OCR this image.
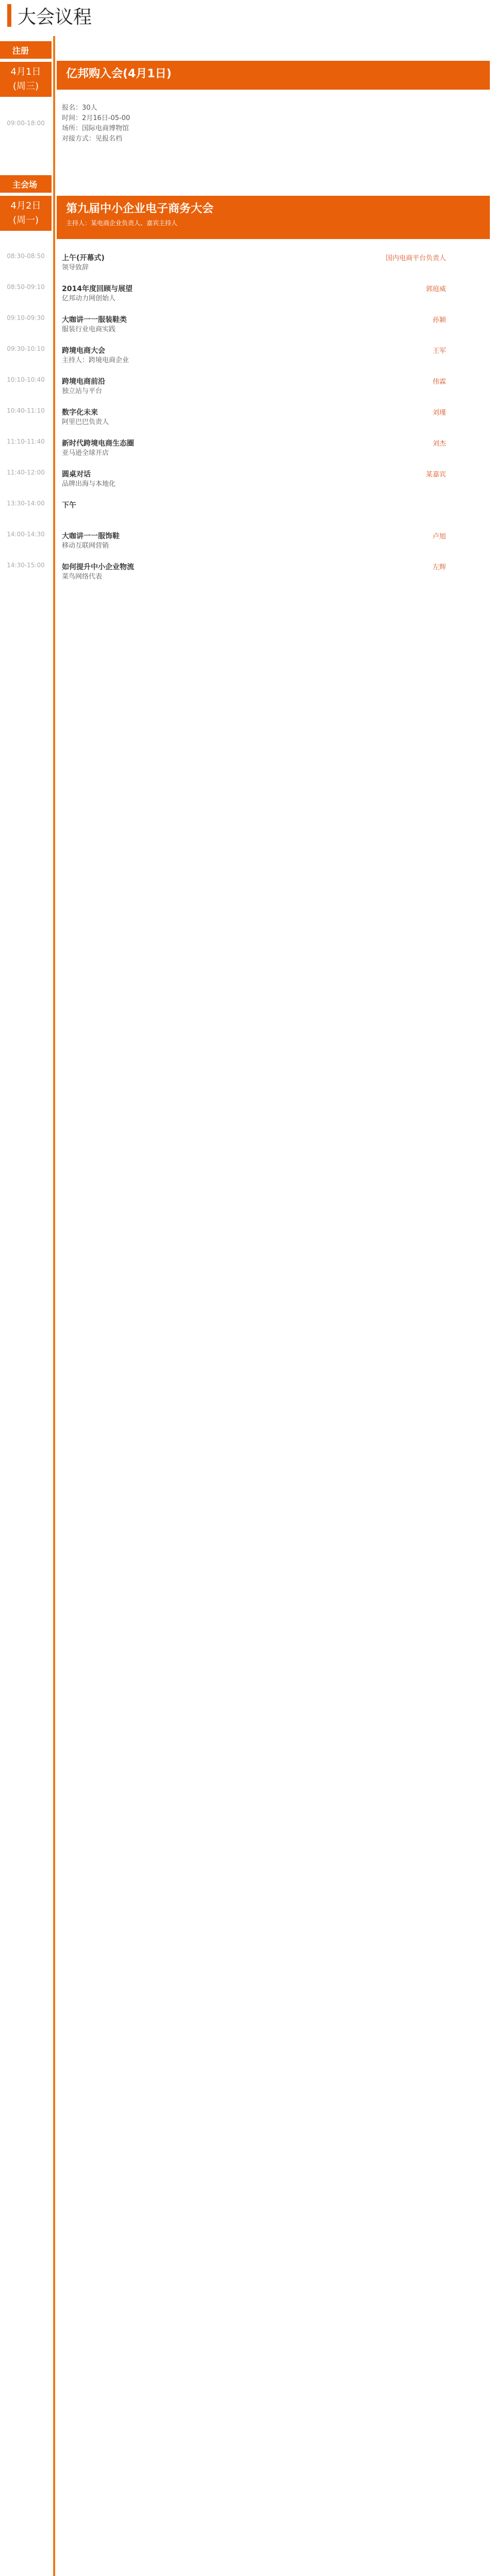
大会议程
注册
4月1日
(周三)
亿邦购入会(4月1日)
09:00-18:00
报名：30人
时间：2月16日-05-00
场所：国际电商博物馆
对接方式：见报名档
主会场
4月2日
(周一)
第九届中小企业电子商务大会
主持人：某电商企业负责人、嘉宾主持人
08:30-08:50	上午(开幕式)
领导致辞
国内电商平台负责人
08:50-09:10	2014年度回顾与展望
亿邦动力网创始人
郭庭威
09:10-09:30	大咖讲一一服装鞋类
服装行业电商实践
孙颖
09:30-10:10	跨境电商大会
主持人：跨境电商企业
王军
10:10-10:40	跨境电商前沿
独立站与平台
伟霖
10:40-11:10	数字化未来
阿里巴巴负责人
刘瑾
11:10-11:40	新时代跨境电商生态圈
亚马逊全球开店
刘杰
11:40-12:00	圆桌对话
品牌出海与本地化
某嘉宾
13:30-14:00	下午
14:00-14:30	大咖讲一一服饰鞋
移动互联网营销
卢旭
14:30-15:00	如何提升中小企业物流
菜鸟网络代表
左辉
